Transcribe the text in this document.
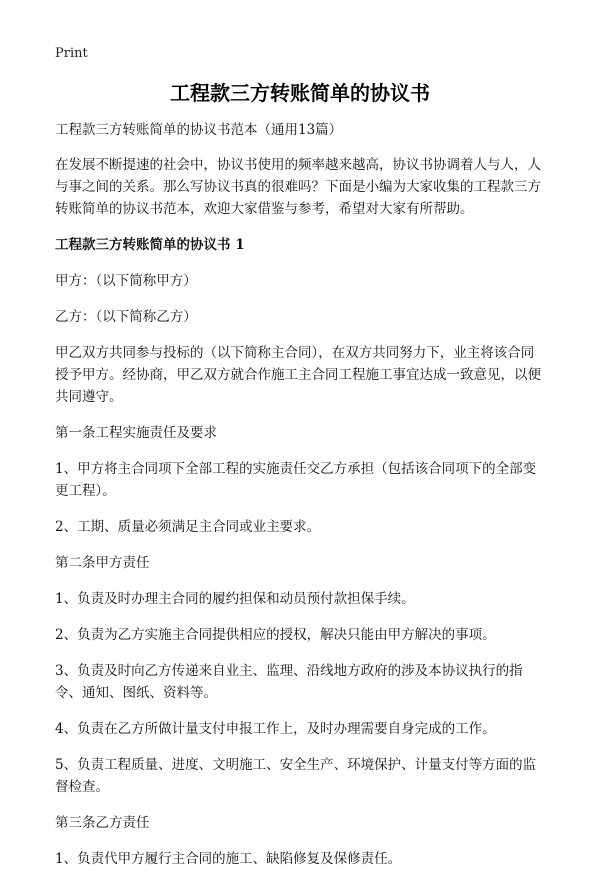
Print
工程款三方转账简单的协议书

工程款三方转账简单的协议书范本（通用13篇）

在发展不断提速的社会中，协议书使用的频率越来越高，协议书协调着人与人，人与事之间的关系。那么写协议书真的很难吗？下面是小编为大家收集的工程款三方转账简单的协议书范本，欢迎大家借鉴与参考，希望对大家有所帮助。

工程款三方转账简单的协议书 1

甲方：（以下简称甲方）

乙方：（以下简称乙方）

甲乙双方共同参与投标的（以下简称主合同），在双方共同努力下，业主将该合同授予甲方。经协商，甲乙双方就合作施工主合同工程施工事宜达成一致意见，以便共同遵守。

第一条工程实施责任及要求

1、甲方将主合同项下全部工程的实施责任交乙方承担（包括该合同项下的全部变更工程）。

2、工期、质量必须满足主合同或业主要求。

第二条甲方责任

1、负责及时办理主合同的履约担保和动员预付款担保手续。

2、负责为乙方实施主合同提供相应的授权，解决只能由甲方解决的事项。

3、负责及时向乙方传递来自业主、监理、沿线地方政府的涉及本协议执行的指令、通知、图纸、资料等。

4、负责在乙方所做计量支付申报工作上，及时办理需要自身完成的工作。

5、负责工程质量、进度、文明施工、安全生产、环境保护、计量支付等方面的监督检查。

第三条乙方责任

1、负责代甲方履行主合同的施工、缺陷修复及保修责任。
